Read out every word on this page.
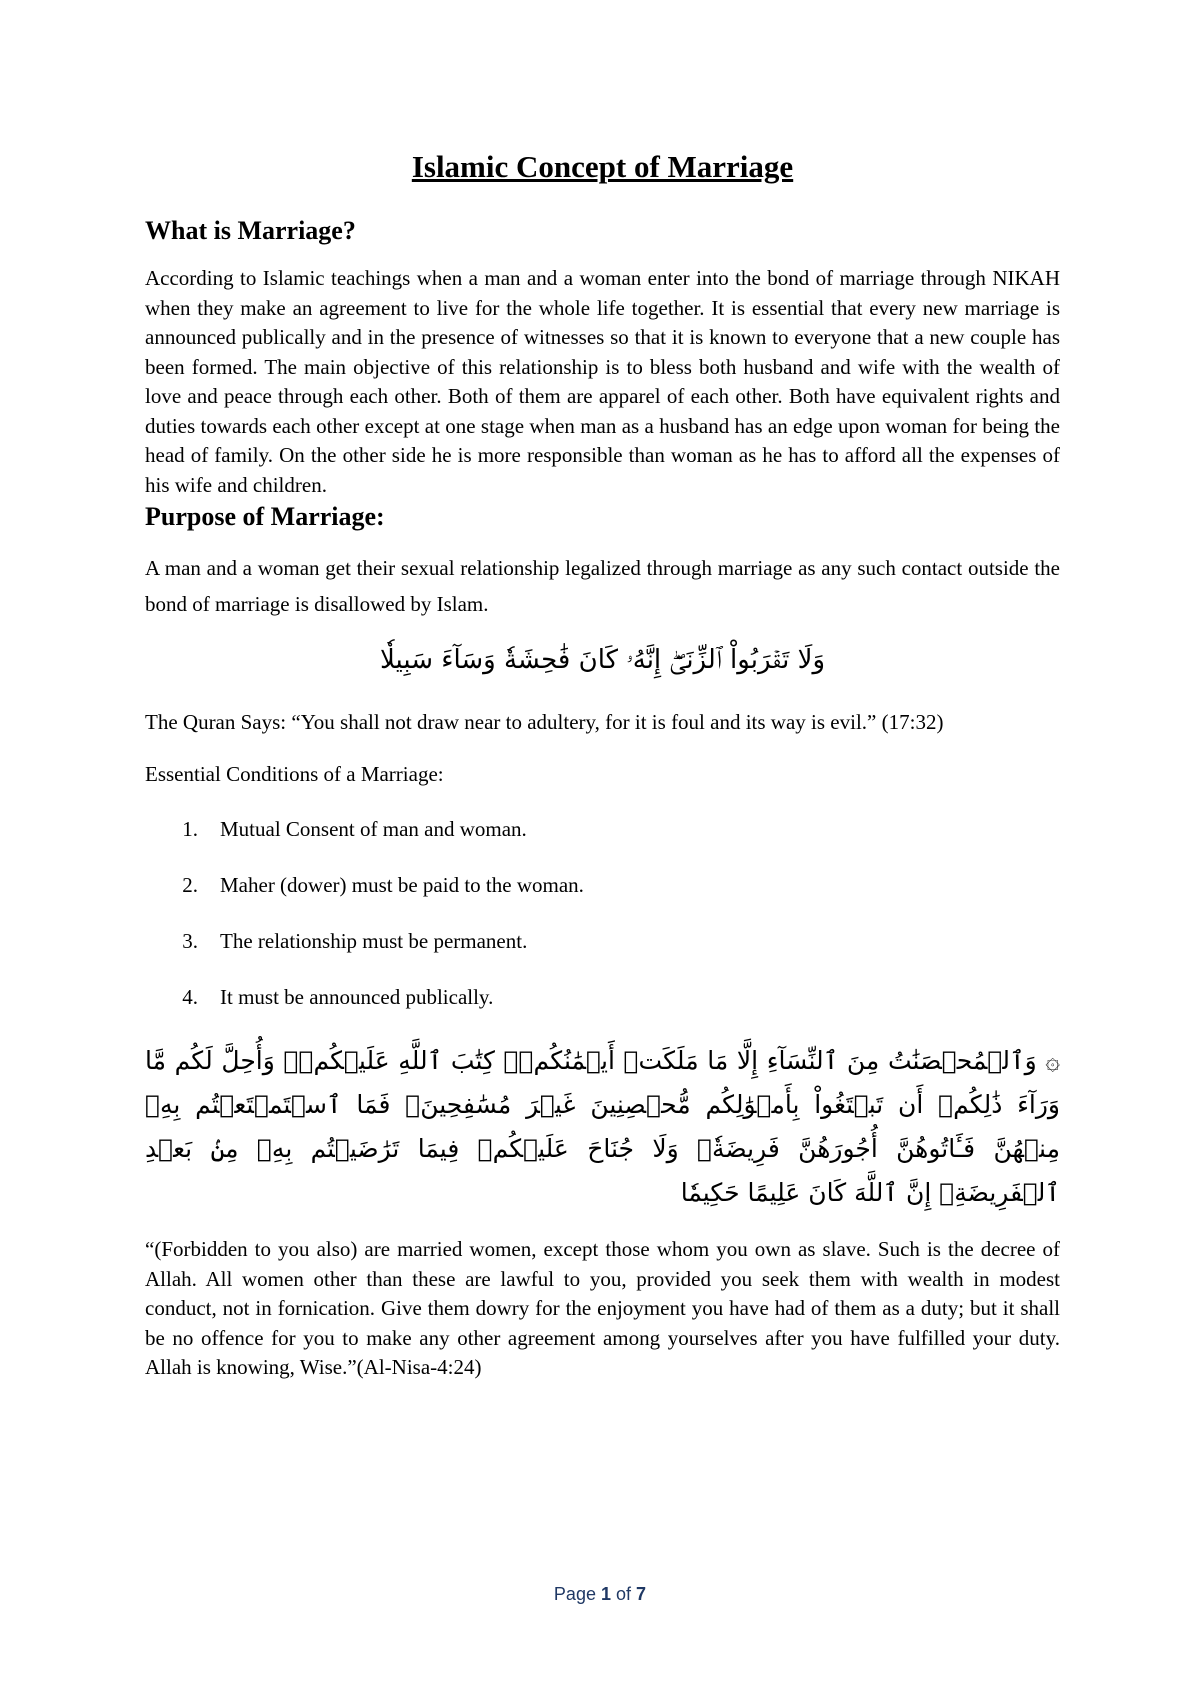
Islamic Concept of Marriage
What is Marriage?

According to Islamic teachings when a man and a woman enter into the bond of marriage through NIKAH when they make an agreement to live for the whole life together. It is essential that every new marriage is announced publically and in the presence of witnesses so that it is known to everyone that a new couple has been formed. The main objective of this relationship is to bless both husband and wife with the wealth of love and peace through each other. Both of them are apparel of each other. Both have equivalent rights and duties towards each other except at one stage when man as a husband has an edge upon woman for being the head of family. On the other side he is more responsible than woman as he has to afford all the expenses of his wife and children.

Purpose of Marriage:

A man and a woman get their sexual relationship legalized through marriage as any such contact outside the bond of marriage is disallowed by Islam.

وَلَا تَقۡرَبُواْ ٱلزِّنَىٰٓۖ إِنَّهُۥ كَانَ فَٰحِشَةٗ وَسَآءَ سَبِيلٗا

The Quran Says: “You shall not draw near to adultery, for it is foul and its way is evil.” (17:32)

Essential Conditions of a Marriage:

1.	Mutual Consent of man and woman.
2.	Maher (dower) must be paid to the woman.
3.	The relationship must be permanent.
4.	It must be announced publically.
۞ وَٱلۡمُحۡصَنَٰتُ مِنَ ٱلنِّسَآءِ إِلَّا مَا مَلَكَتۡ أَيۡمَٰنُكُمۡۖ كِتَٰبَ ٱللَّهِ عَلَيۡكُمۡۚ وَأُحِلَّ لَكُم مَّا وَرَآءَ ذَٰلِكُمۡ أَن تَبۡتَغُواْ بِأَمۡوَٰلِكُم مُّحۡصِنِينَ غَيۡرَ مُسَٰفِحِينَۚ فَمَا ٱسۡتَمۡتَعۡتُم بِهِۦ مِنۡهُنَّ فَـَٔاتُوهُنَّ أُجُورَهُنَّ فَرِيضَةٗۚ وَلَا جُنَاحَ عَلَيۡكُمۡ فِيمَا تَرَٰضَيۡتُم بِهِۦ مِنۢ بَعۡدِ ٱلۡفَرِيضَةِۚ إِنَّ ٱللَّهَ كَانَ عَلِيمًا حَكِيمٗا

“(Forbidden to you also) are married women, except those whom you own as slave. Such is the decree of Allah. All women other than these are lawful to you, provided you seek them with wealth in modest conduct, not in fornication. Give them dowry for the enjoyment you have had of them as a duty; but it shall be no offence for you to make any other agreement among yourselves after you have fulfilled your duty. Allah is knowing, Wise.”(Al-Nisa-4:24)

Page 1 of 7
